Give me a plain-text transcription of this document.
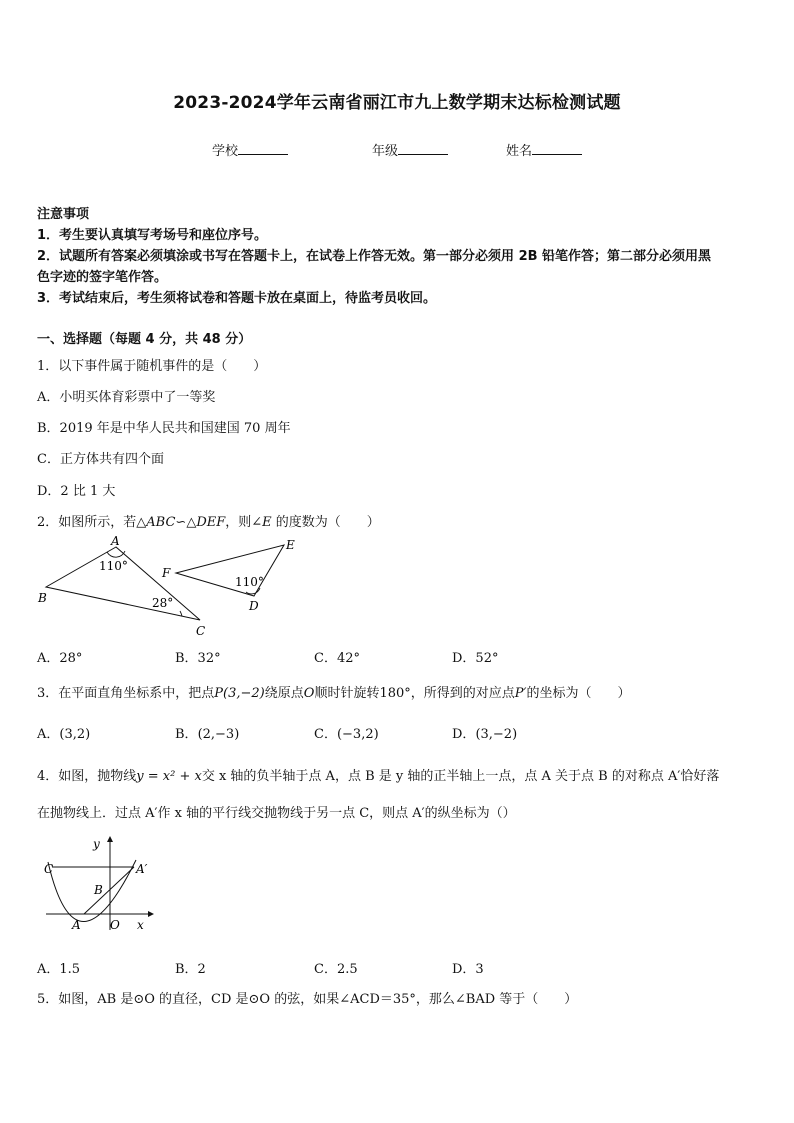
2023-2024学年云南省丽江市九上数学期末达标检测试题
学校	年级	姓名
注意事项
1．考生要认真填写考场号和座位序号。
2．试题所有答案必须填涂或书写在答题卡上，在试卷上作答无效。第一部分必须用 2B 铅笔作答；第二部分必须用黑
色字迹的签字笔作答。
3．考试结束后，考生须将试卷和答题卡放在桌面上，待监考员收回。
一、选择题（每题 4 分，共 48 分）
1．以下事件属于随机事件的是（　　）
A．小明买体育彩票中了一等奖
B．2019 年是中华人民共和国建国 70 周年
C．正方体共有四个面
D．2 比 1 大
2．如图所示，若△ABC∽△DEF，则∠E 的度数为（　　）
A
B
C
110°
28°
F
E
D
110°
A．28°	B．32°	C．42°	D．52°
3．在平面直角坐标系中，把点P(3,−2)绕原点O顺时针旋转180°，所得到的对应点P′的坐标为（　　）
A．(3,2)	B．(2,−3)	C．(−3,2)	D．(3,−2)
4．如图，抛物线y = x² + x交 x 轴的负半轴于点 A，点 B 是 y 轴的正半轴上一点，点 A 关于点 B 的对称点 A′恰好落
在抛物线上．过点 A′作 x 轴的平行线交抛物线于另一点 C，则点 A′的纵坐标为（）
C	A′
B
A O
y
x
A．1.5	B．2	C．2.5	D．3
5．如图，AB 是⊙O 的直径，CD 是⊙O 的弦，如果∠ACD＝35°，那么∠BAD 等于（　　）
